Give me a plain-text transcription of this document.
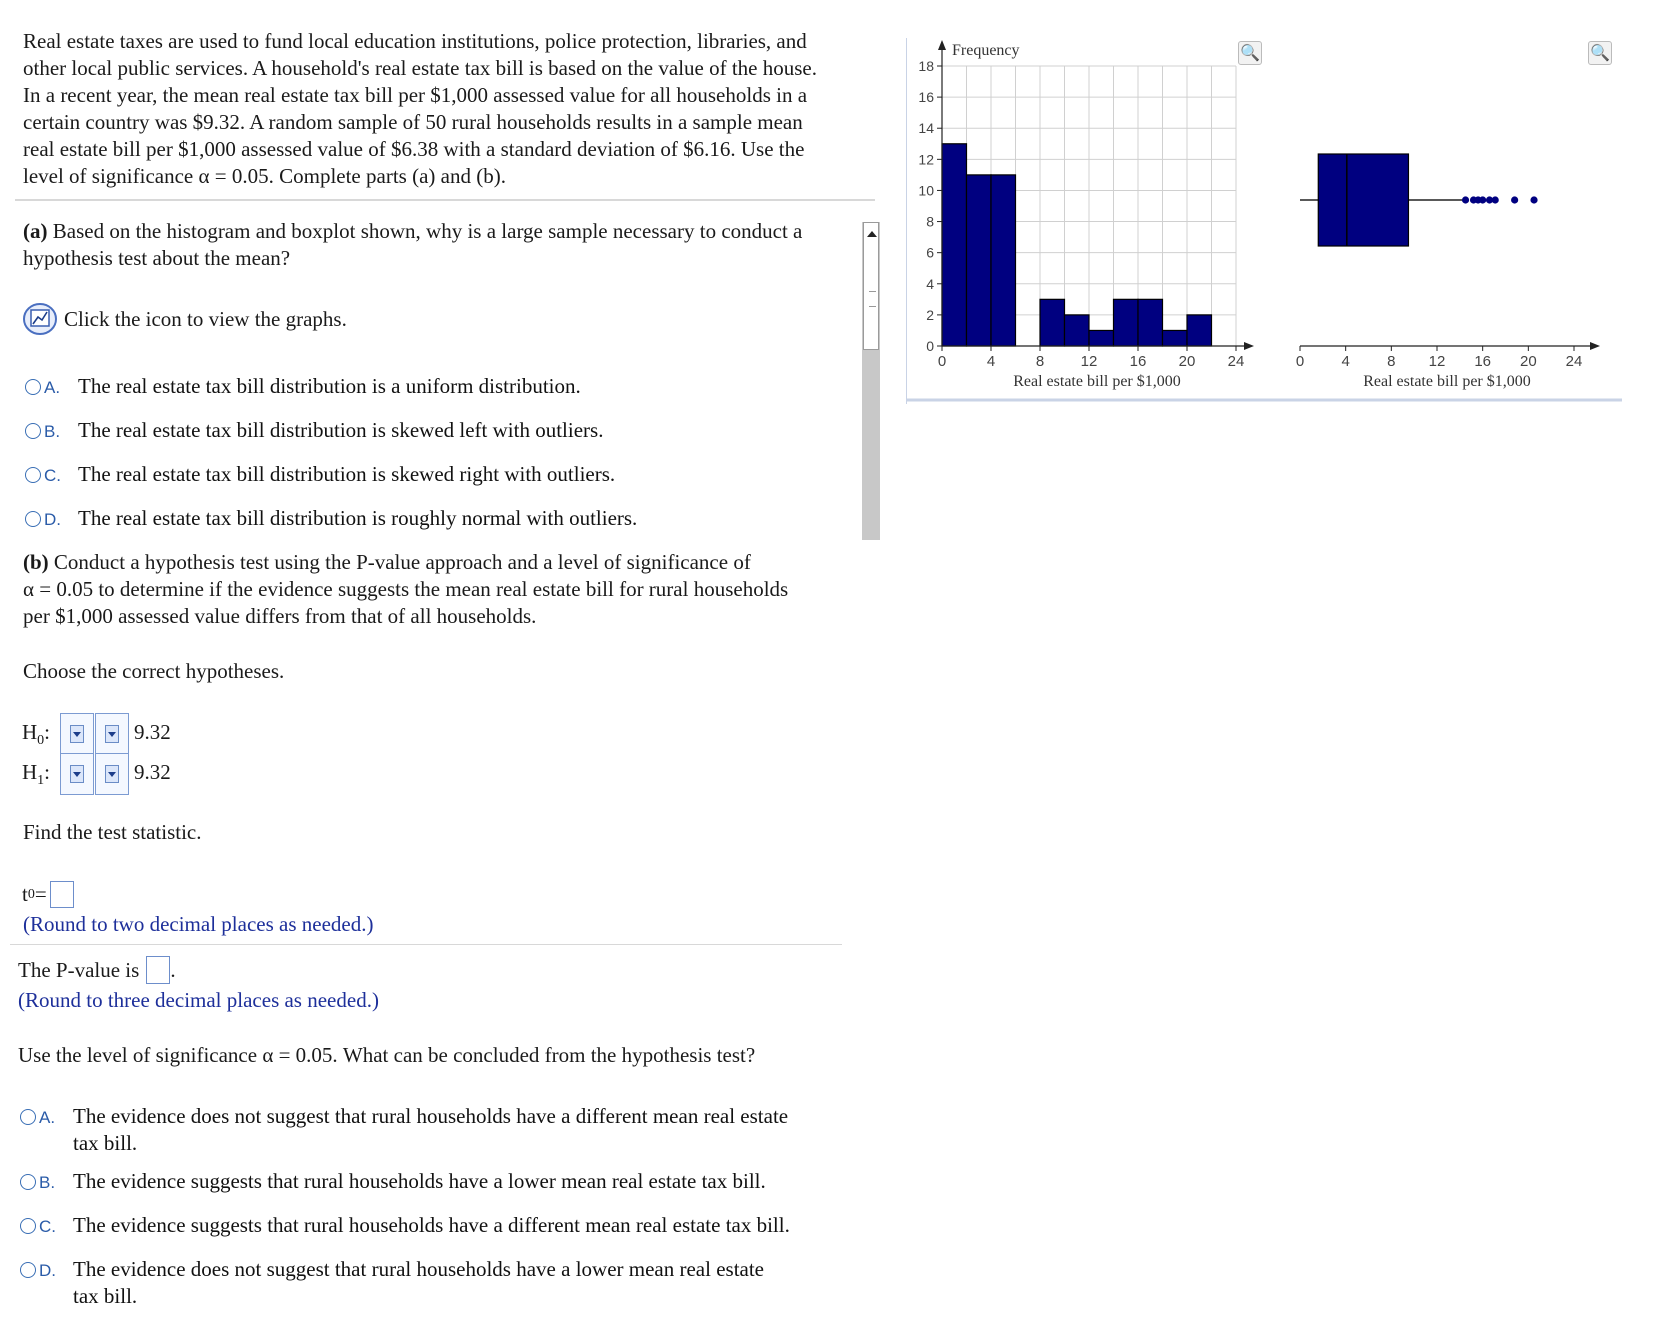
Real estate taxes are used to fund local education institutions, police protection, libraries, and
other local public services. A household's real estate tax bill is based on the value of the house.
In a recent year, the mean real estate tax bill per $1,000 assessed value for all households in a
certain country was $9.32. A random sample of 50 rural households results in a sample mean
real estate bill per $1,000 assessed value of $6.38 with a standard deviation of $6.16. Use the
level of significance α = 0.05. Complete parts (a) and (b).
(a) Based on the histogram and boxplot shown, why is a large sample necessary to conduct a
hypothesis test about the mean?
Click the icon to view the graphs.
A. The real estate tax bill distribution is a uniform distribution.
B. The real estate tax bill distribution is skewed left with outliers.
C. The real estate tax bill distribution is skewed right with outliers.
D. The real estate tax bill distribution is roughly normal with outliers.
(b) Conduct a hypothesis test using the P-value approach and a level of significance of
α = 0.05 to determine if the evidence suggests the mean real estate bill for rural households
per $1,000 assessed value differs from that of all households.
Choose the correct hypotheses.
$H_0$:	9.32
$H_1$:	9.32
Find the test statistic.
t 0 =
(Round to two decimal places as needed.)
The P-value is .
(Round to three decimal places as needed.)
Use the level of significance α = 0.05. What can be concluded from the hypothesis test?
A. The evidence does not suggest that rural households have a different mean real estate
tax bill.
B. The evidence suggests that rural households have a lower mean real estate tax bill.
C. The evidence suggests that rural households have a different mean real estate tax bill.
D. The evidence does not suggest that rural households have a lower mean real estate
tax bill.
0
2
4
6
8
10
12
14
16
18
0	4	8 12 16 20 24
Frequency
Real estate bill per $1,000
0 4 8 12 16 20 24
Real estate bill per $1,000
🔍	🔍
